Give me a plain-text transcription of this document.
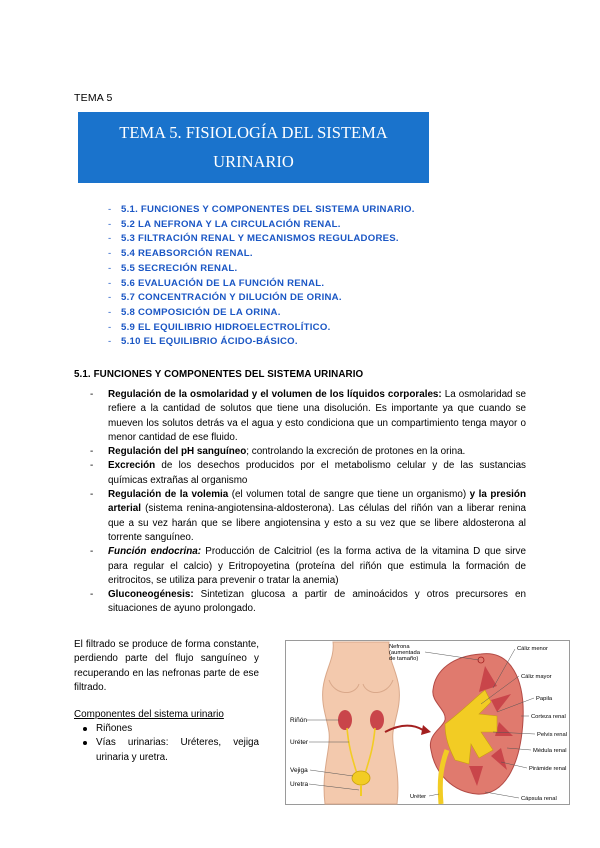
TEMA 5
TEMA 5. FISIOLOGÍA DEL SISTEMA
URINARIO
- 5.1. FUNCIONES Y COMPONENTES DEL SISTEMA URINARIO.
- 5.2 LA NEFRONA Y LA CIRCULACIÓN RENAL.
- 5.3 FILTRACIÓN RENAL Y MECANISMOS REGULADORES.
- 5.4 REABSORCIÓN RENAL.
- 5.5 SECRECIÓN RENAL.
- 5.6 EVALUACIÓN DE LA FUNCIÓN RENAL.
- 5.7 CONCENTRACIÓN Y DILUCIÓN DE ORINA.
- 5.8 COMPOSICIÓN DE LA ORINA.
- 5.9 EL EQUILIBRIO HIDROELECTROLÍTICO.
- 5.10 EL EQUILIBRIO ÁCIDO-BÁSICO.
5.1. FUNCIONES Y COMPONENTES DEL SISTEMA URINARIO
- Regulación de la osmolaridad y el volumen de los líquidos corporales: La osmolaridad se refiere a la cantidad de solutos que tiene una disolución. Es importante ya que cuando se mueven los solutos detrás va el agua y esto condiciona que un compartimiento tenga mayor o menor cantidad de ese fluido.
- Regulación del pH sanguíneo; controlando la excreción de protones en la orina.
- Excreción de los desechos producidos por el metabolismo celular y de las sustancias químicas extrañas al organismo
- Regulación de la volemia (el volumen total de sangre que tiene un organismo) y la presión arterial (sistema renina-angiotensina-aldosterona). Las células del riñón van a liberar renina que a su vez harán que se libere angiotensina y esto a su vez que se libere aldosterona al torrente sanguíneo.
- Función endocrina: Producción de Calcitriol (es la forma activa de la vitamina D que sirve para regular el calcio) y Eritropoyetina (proteína del riñón que estimula la formación de eritrocitos, se utiliza para prevenir o tratar la anemia)
- Gluconeogénesis: Sintetizan glucosa a partir de aminoácidos y otros precursores en situaciones de ayuno prolongado.

El filtrado se produce de forma constante, perdiendo parte del flujo sanguíneo y recuperando en las nefronas parte de ese filtrado.

Componentes del sistema urinario
Riñones
Vías urinarias: Uréteres, vejiga urinaria y uretra.
Riñón
Uréter
Vejiga
Uretra
Nefrona
(aumentada
de tamaño)
Cáliz menor
Cáliz mayor
Papila
Corteza renal
Pelvis renal
Médula renal
Pirámide renal
Uréter	Cápsula renal
